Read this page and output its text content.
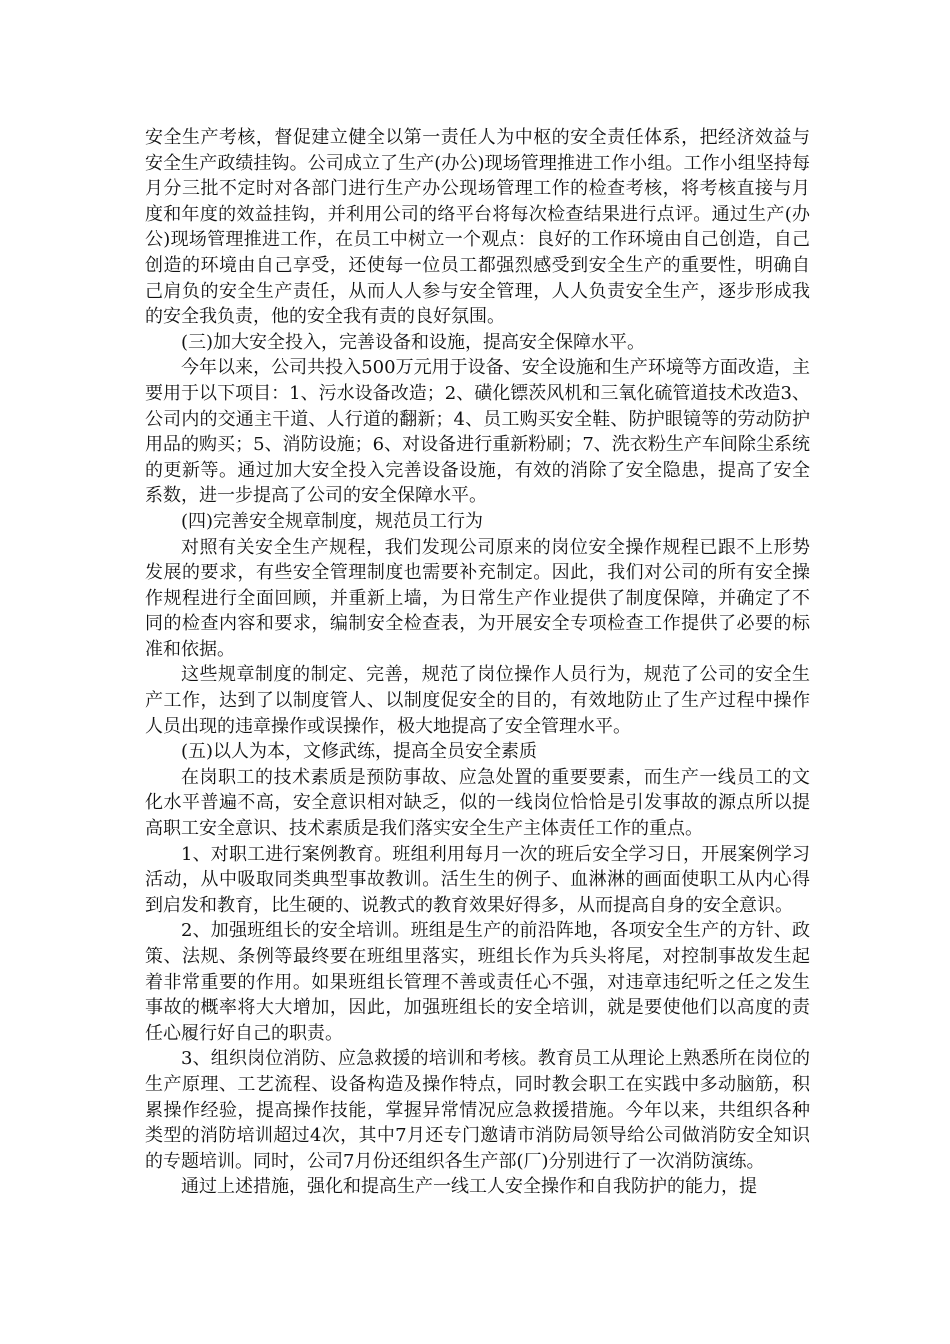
安全生产考核，督促建立健全以第一责任人为中枢的安全责任体系，把经济效益与安全生产政绩挂钩。公司成立了生产(办公)现场管理推进工作小组。工作小组坚持每月分三批不定时对各部门进行生产办公现场管理工作的检查考核，将考核直接与月度和年度的效益挂钩，并利用公司的络平台将每次检查结果进行点评。通过生产(办公)现场管理推进工作，在员工中树立一个观点：良好的工作环境由自己创造，自己创造的环境由自己享受，还使每一位员工都强烈感受到安全生产的重要性，明确自己肩负的安全生产责任，从而人人参与安全管理，人人负责安全生产，逐步形成我的安全我负责，他的安全我有责的良好氛围。

(三)加大安全投入，完善设备和设施，提高安全保障水平。

今年以来，公司共投入500万元用于设备、安全设施和生产环境等方面改造，主要用于以下项目：1、污水设备改造；2、磺化镖茨风机和三氧化硫管道技术改造3、公司内的交通主干道、人行道的翻新；4、员工购买安全鞋、防护眼镜等的劳动防护用品的购买；5、消防设施；6、对设备进行重新粉刷；7、洗衣粉生产车间除尘系统的更新等。通过加大安全投入完善设备设施，有效的消除了安全隐患，提高了安全系数，进一步提高了公司的安全保障水平。

(四)完善安全规章制度，规范员工行为

对照有关安全生产规程，我们发现公司原来的岗位安全操作规程已跟不上形势发展的要求，有些安全管理制度也需要补充制定。因此，我们对公司的所有安全操作规程进行全面回顾，并重新上墙，为日常生产作业提供了制度保障，并确定了不同的检查内容和要求，编制安全检查表，为开展安全专项检查工作提供了必要的标准和依据。

这些规章制度的制定、完善，规范了岗位操作人员行为，规范了公司的安全生产工作，达到了以制度管人、以制度促安全的目的，有效地防止了生产过程中操作人员出现的违章操作或误操作，极大地提高了安全管理水平。

(五)以人为本，文修武练，提高全员安全素质

在岗职工的技术素质是预防事故、应急处置的重要要素，而生产一线员工的文化水平普遍不高，安全意识相对缺乏，似的一线岗位恰恰是引发事故的源点所以提高职工安全意识、技术素质是我们落实安全生产主体责任工作的重点。

1、对职工进行案例教育。班组利用每月一次的班后安全学习日，开展案例学习活动，从中吸取同类典型事故教训。活生生的例子、血淋淋的画面使职工从内心得到启发和教育，比生硬的、说教式的教育效果好得多，从而提高自身的安全意识。

2、加强班组长的安全培训。班组是生产的前沿阵地，各项安全生产的方针、政策、法规、条例等最终要在班组里落实，班组长作为兵头将尾，对控制事故发生起着非常重要的作用。如果班组长管理不善或责任心不强，对违章违纪听之任之发生事故的概率将大大增加，因此，加强班组长的安全培训，就是要使他们以高度的责任心履行好自己的职责。

3、组织岗位消防、应急救援的培训和考核。教育员工从理论上熟悉所在岗位的生产原理、工艺流程、设备构造及操作特点，同时教会职工在实践中多动脑筋，积累操作经验，提高操作技能，掌握异常情况应急救援措施。今年以来，共组织各种类型的消防培训超过4次，其中7月还专门邀请市消防局领导给公司做消防安全知识的专题培训。同时，公司7月份还组织各生产部(厂)分别进行了一次消防演练。

通过上述措施，强化和提高生产一线工人安全操作和自我防护的能力，提
